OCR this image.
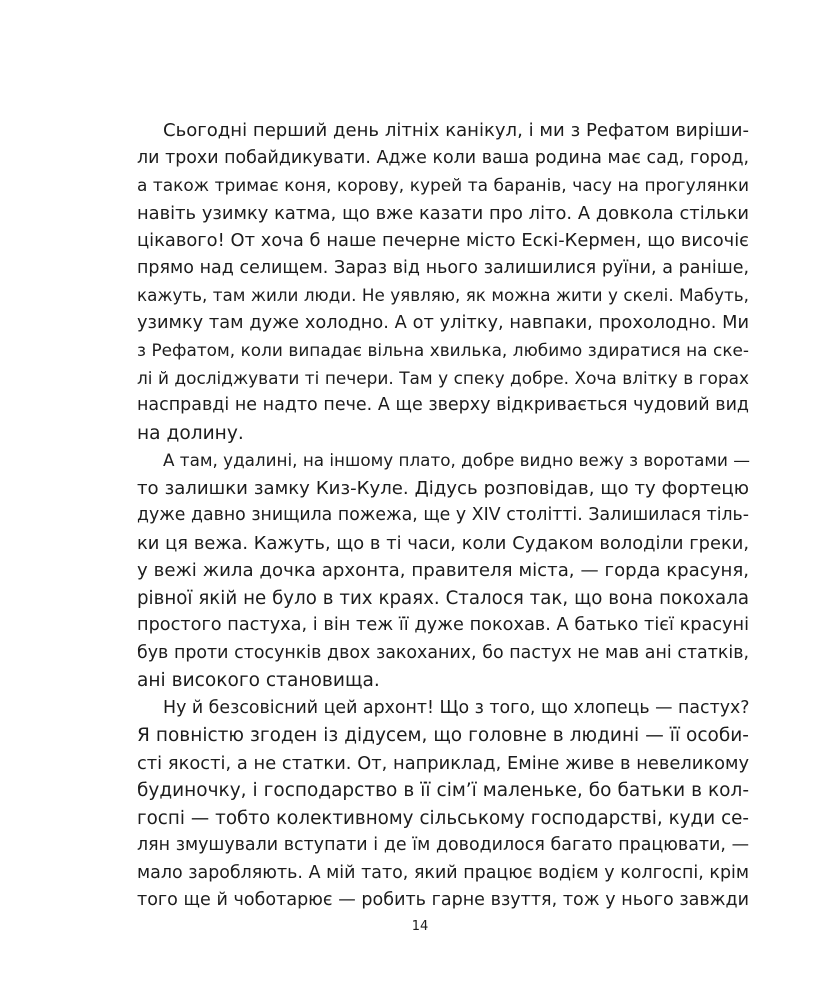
Сьогодні перший день літніх канікул, і ми з Рефатом виріши-
ли трохи побайдикувати. Адже коли ваша родина має сад, город,
а також тримає коня, корову, курей та баранів, часу на прогулянки
навіть узимку катма, що вже казати про літо. А довкола стільки
цікавого! От хоча б наше печерне місто Ескі-Кермен, що височіє
прямо над селищем. Зараз від нього залишилися руїни, а раніше,
кажуть, там жили люди. Не уявляю, як можна жити у скелі. Мабуть,
узимку там дуже холодно. А от улітку, навпаки, прохолодно. Ми
з Рефатом, коли випадає вільна хвилька, любимо здиратися на ске-
лі й досліджувати ті печери. Там у спеку добре. Хоча влітку в горах
насправді не надто пече. А ще зверху відкривається чудовий вид
на долину.
А там, удалині, на іншому плато, добре видно вежу з воротами —
то залишки замку Киз-Куле. Дідусь розповідав, що ту фортецю
дуже давно знищила пожежа, ще у XIV столітті. Залишилася тіль-
ки ця вежа. Кажуть, що в ті часи, коли Судаком володіли греки,
у вежі жила дочка архонта, правителя міста, — горда красуня,
рівної якій не було в тих краях. Сталося так, що вона покохала
простого пастуха, і він теж її дуже покохав. А батько тієї красуні
був проти стосунків двох закоханих, бо пастух не мав ані статків,
ані високого становища.
Ну й безсовісний цей архонт! Що з того, що хлопець — пастух?
Я повністю згоден із дідусем, що головне в людині — її особи-
сті якості, а не статки. От, наприклад, Еміне живе в невеликому
будиночку, і господарство в її сім’ї маленьке, бо батьки в кол-
госпі — тобто колективному сільському господарстві, куди се-
лян змушували вступати і де їм доводилося багато працювати, —
мало заробляють. А мій тато, який працює водієм у колгоспі, крім
того ще й чоботарює — робить гарне взуття, тож у нього завжди
14
